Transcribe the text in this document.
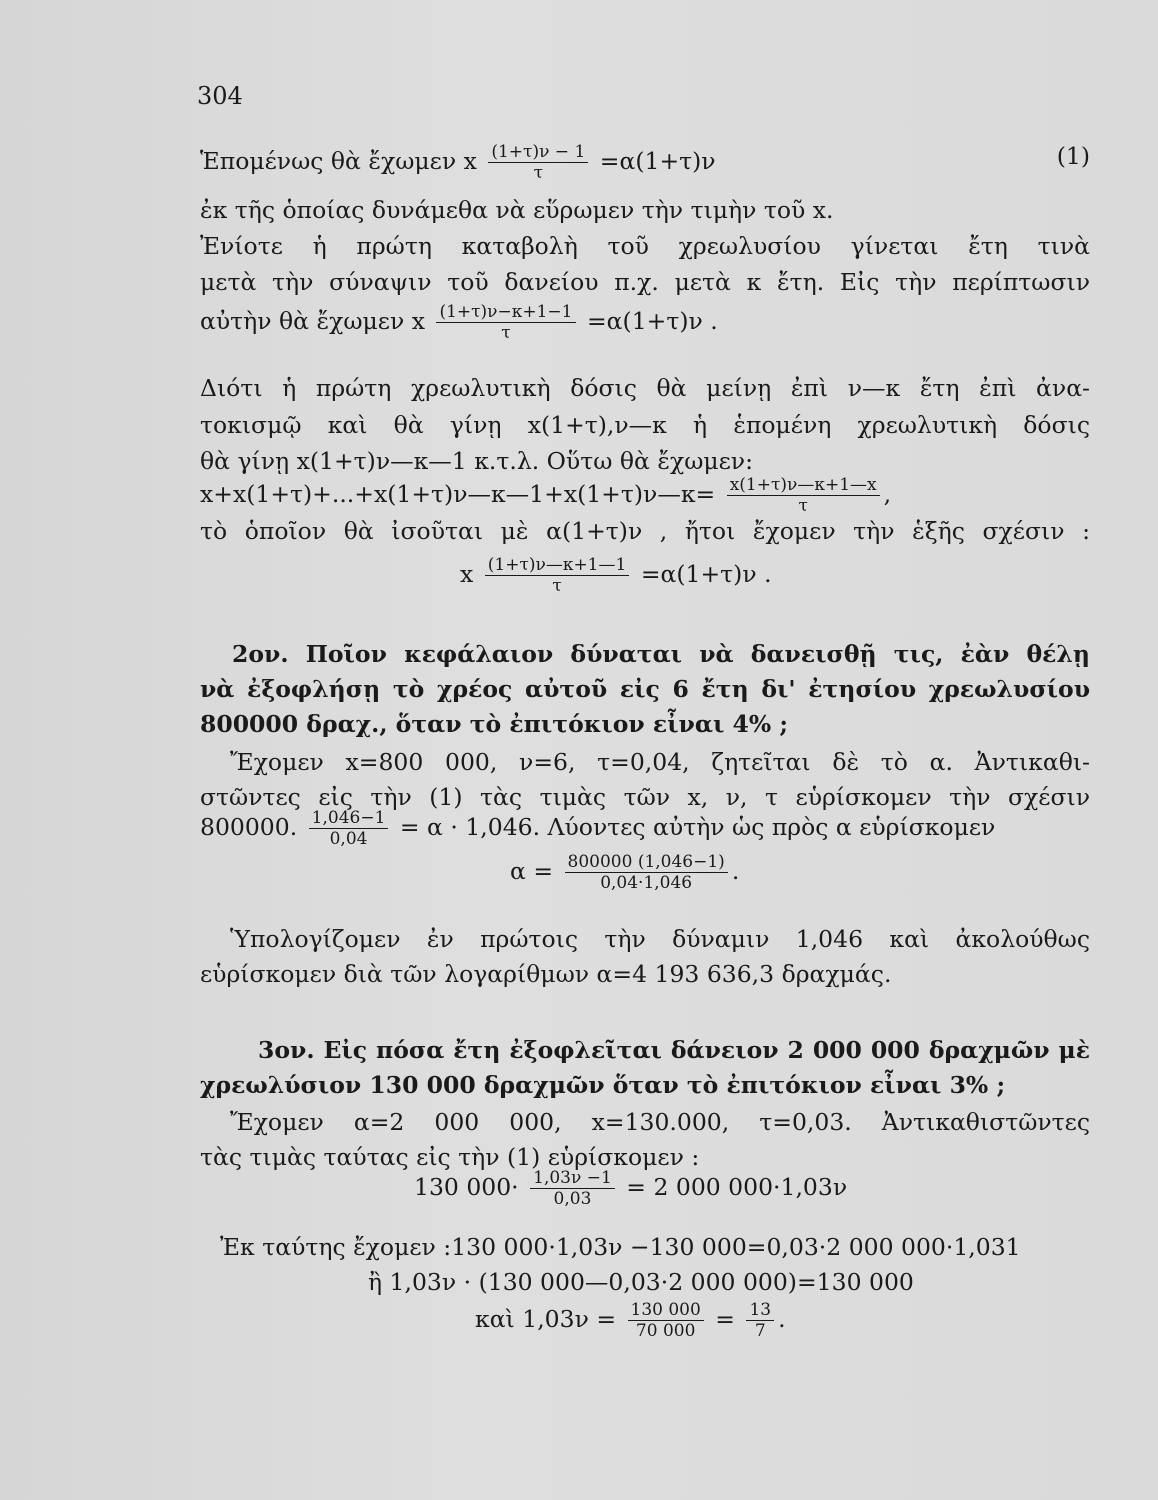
304
Ἑπομένως θὰ ἔχωμεν x $\frac{(1+\tau)\nu - 1}{\tau} =\alpha(1+\tau)\nu$	(1)
ἐκ τῆς ὁποίας δυνάμεθα νὰ εὕρωμεν τὴν τιμὴν τοῦ x.
Ἐνίοτε ἡ πρώτη καταβολὴ τοῦ χρεωλυσίου γίνεται ἔτη τινὰ
μετὰ τὴν σύναψιν τοῦ δανείου π.χ. μετὰ κ ἔτη. Εἰς τὴν περίπτωσιν
αὐτὴν θὰ ἔχωμεν x $\frac{(1+\tau)\nu-\kappa+1-1}{\tau} =\alpha(1+\tau)\nu$ .
Διότι ἡ πρώτη χρεωλυτικὴ δόσις θὰ μείνῃ ἐπὶ ν—κ ἔτη ἐπὶ ἀνα-
τοκισμῷ καὶ θὰ γίνῃ x(1+τ),ν—κ ἡ ἑπομένη χρεωλυτικὴ δόσις
θὰ γίνῃ x(1+τ)ν—κ—1 κ.τ.λ. Οὕτω θὰ ἔχωμεν:
x+x(1+τ)+...+x(1+τ)ν—κ—1+x(1+τ)ν—κ= $\frac{x(1+\tau)\nu—\kappa+1—x}{\tau}$ ,
τὸ ὁποῖον θὰ ἰσοῦται μὲ α(1+τ)ν , ἤτοι ἔχομεν τὴν ἑξῆς σχέσιν :
x $\frac{(1+\tau)\nu—\kappa+1—1}{\tau} =\alpha(1+\tau)\nu$ .
2ον. Ποῖον κεφάλαιον δύναται νὰ δανεισθῇ τις, ἐὰν θέλῃ
νὰ ἐξοφλήσῃ τὸ χρέος αὐτοῦ εἰς 6 ἔτη δι' ἐτησίου χρεωλυσίου
800000 δραχ., ὅταν τὸ ἐπιτόκιον εἶναι 4% ;
Ἔχομεν x=800 000, ν=6, τ=0,04, ζητεῖται δὲ τὸ α. Ἀντικαθι-
στῶντες εἰς τὴν (1) τὰς τιμὰς τῶν x, ν, τ εὑρίσκομεν τὴν σχέσιν
800000. $\frac{1,046-1}{0,04} = \alpha \cdot 1,046$. Λύοντες αὐτὴν ὡς πρὸς α εὑρίσκομεν
$\alpha = \frac{800000 (1,046-1)}{0,04\cdot 1,046}$ .
Ὑπολογίζομεν ἐν πρώτοις τὴν δύναμιν 1,046 καὶ ἀκολούθως
εὑρίσκομεν διὰ τῶν λογαρίθμων α=4 193 636,3 δραχμάς.
3ον. Εἰς πόσα ἔτη ἐξοφλεῖται δάνειον 2 000 000 δραχμῶν μὲ
χρεωλύσιον 130 000 δραχμῶν ὅταν τὸ ἐπιτόκιον εἶναι 3% ;
Ἔχομεν α=2 000 000, x=130.000, τ=0,03. Ἀντικαθιστῶντες
τὰς τιμὰς ταύτας εἰς τὴν (1) εὑρίσκομεν :
130 $000\cdot \frac{1,03\nu -1}{0,03} = 2$ 000 000·1,03ν
Ἐκ ταύτης ἔχομεν :130 000·1,03ν −130 000=0,03·2 000 000·1,031
ἢ 1,03ν · (130 000—0,03·2 000 000)=130 000
καὶ $1,03\nu = \frac{130 000}{70 000} = \frac{13}{7}$ .
